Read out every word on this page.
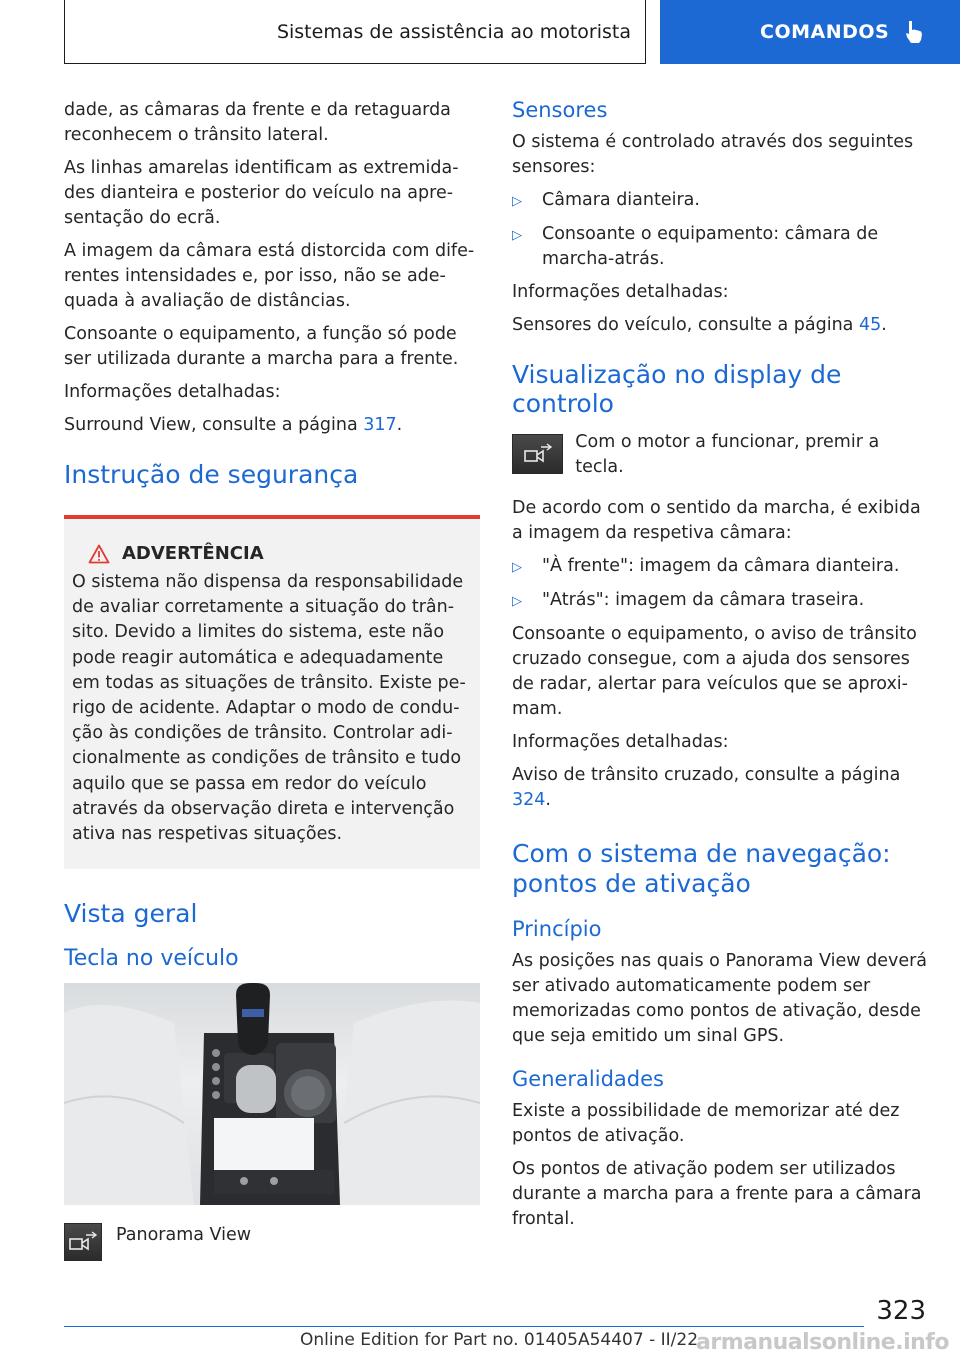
Sistemas de assistência ao motorista	COMANDOS

dade, as câmaras da frente e da retaguarda reconhecem o trânsito lateral.

As linhas amarelas identificam as extremidades dianteira e posterior do veículo na apresentação do ecrã.

A imagem da câmara está distorcida com diferentes intensidades e, por isso, não se adequada à avaliação de distâncias.

Consoante o equipamento, a função só pode ser utilizada durante a marcha para a frente.

Informações detalhadas:

Surround View, consulte a página 317.

Instrução de segurança
ADVERTÊNCIA

O sistema não dispensa da responsabilidade de avaliar corretamente a situação do trânsito. Devido a limites do sistema, este não pode reagir automática e adequadamente em todas as situações de trânsito. Existe perigo de acidente. Adaptar o modo de condução às condições de trânsito. Controlar adicionalmente as condições de trânsito e tudo aquilo que se passa em redor do veículo através da observação direta e intervenção ativa nas respetivas situações.

Vista geral
Tecla no veículo
Panorama View
Sensores

O sistema é controlado através dos seguintes sensores:

▷	Câmara dianteira.
▷	Consoante o equipamento: câmara de marcha-atrás.

Informações detalhadas:

Sensores do veículo, consulte a página 45.

Visualização no display de controlo
Com o motor a funcionar, premir a tecla.

De acordo com o sentido da marcha, é exibida a imagem da respetiva câmara:

▷	"À frente": imagem da câmara dianteira.
▷	"Atrás": imagem da câmara traseira.

Consoante o equipamento, o aviso de trânsito cruzado consegue, com a ajuda dos sensores de radar, alertar para veículos que se aproximam.

Informações detalhadas:

Aviso de trânsito cruzado, consulte a página 324.

Com o sistema de navegação: pontos de ativação
Princípio

As posições nas quais o Panorama View deverá ser ativado automaticamente podem ser memorizadas como pontos de ativação, desde que seja emitido um sinal GPS.

Generalidades

Existe a possibilidade de memorizar até dez pontos de ativação.

Os pontos de ativação podem ser utilizados durante a marcha para a frente para a câmara frontal.

323
Online Edition for Part no. 01405A54407 - II/22
armanualsonline.info
